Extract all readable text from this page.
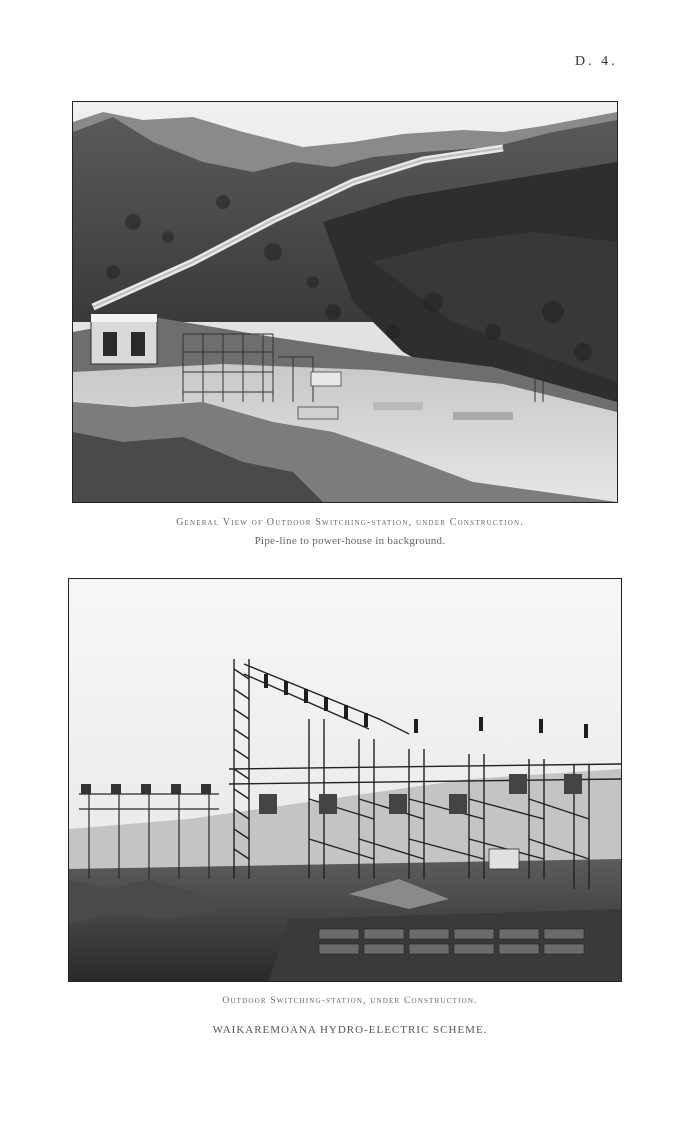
D. 4.
General View of Outdoor Switching-station, under Construction.
Pipe-line to power-house in background.
Outdoor Switching-station, under Construction.
WAIKAREMOANA HYDRO-ELECTRIC SCHEME.
